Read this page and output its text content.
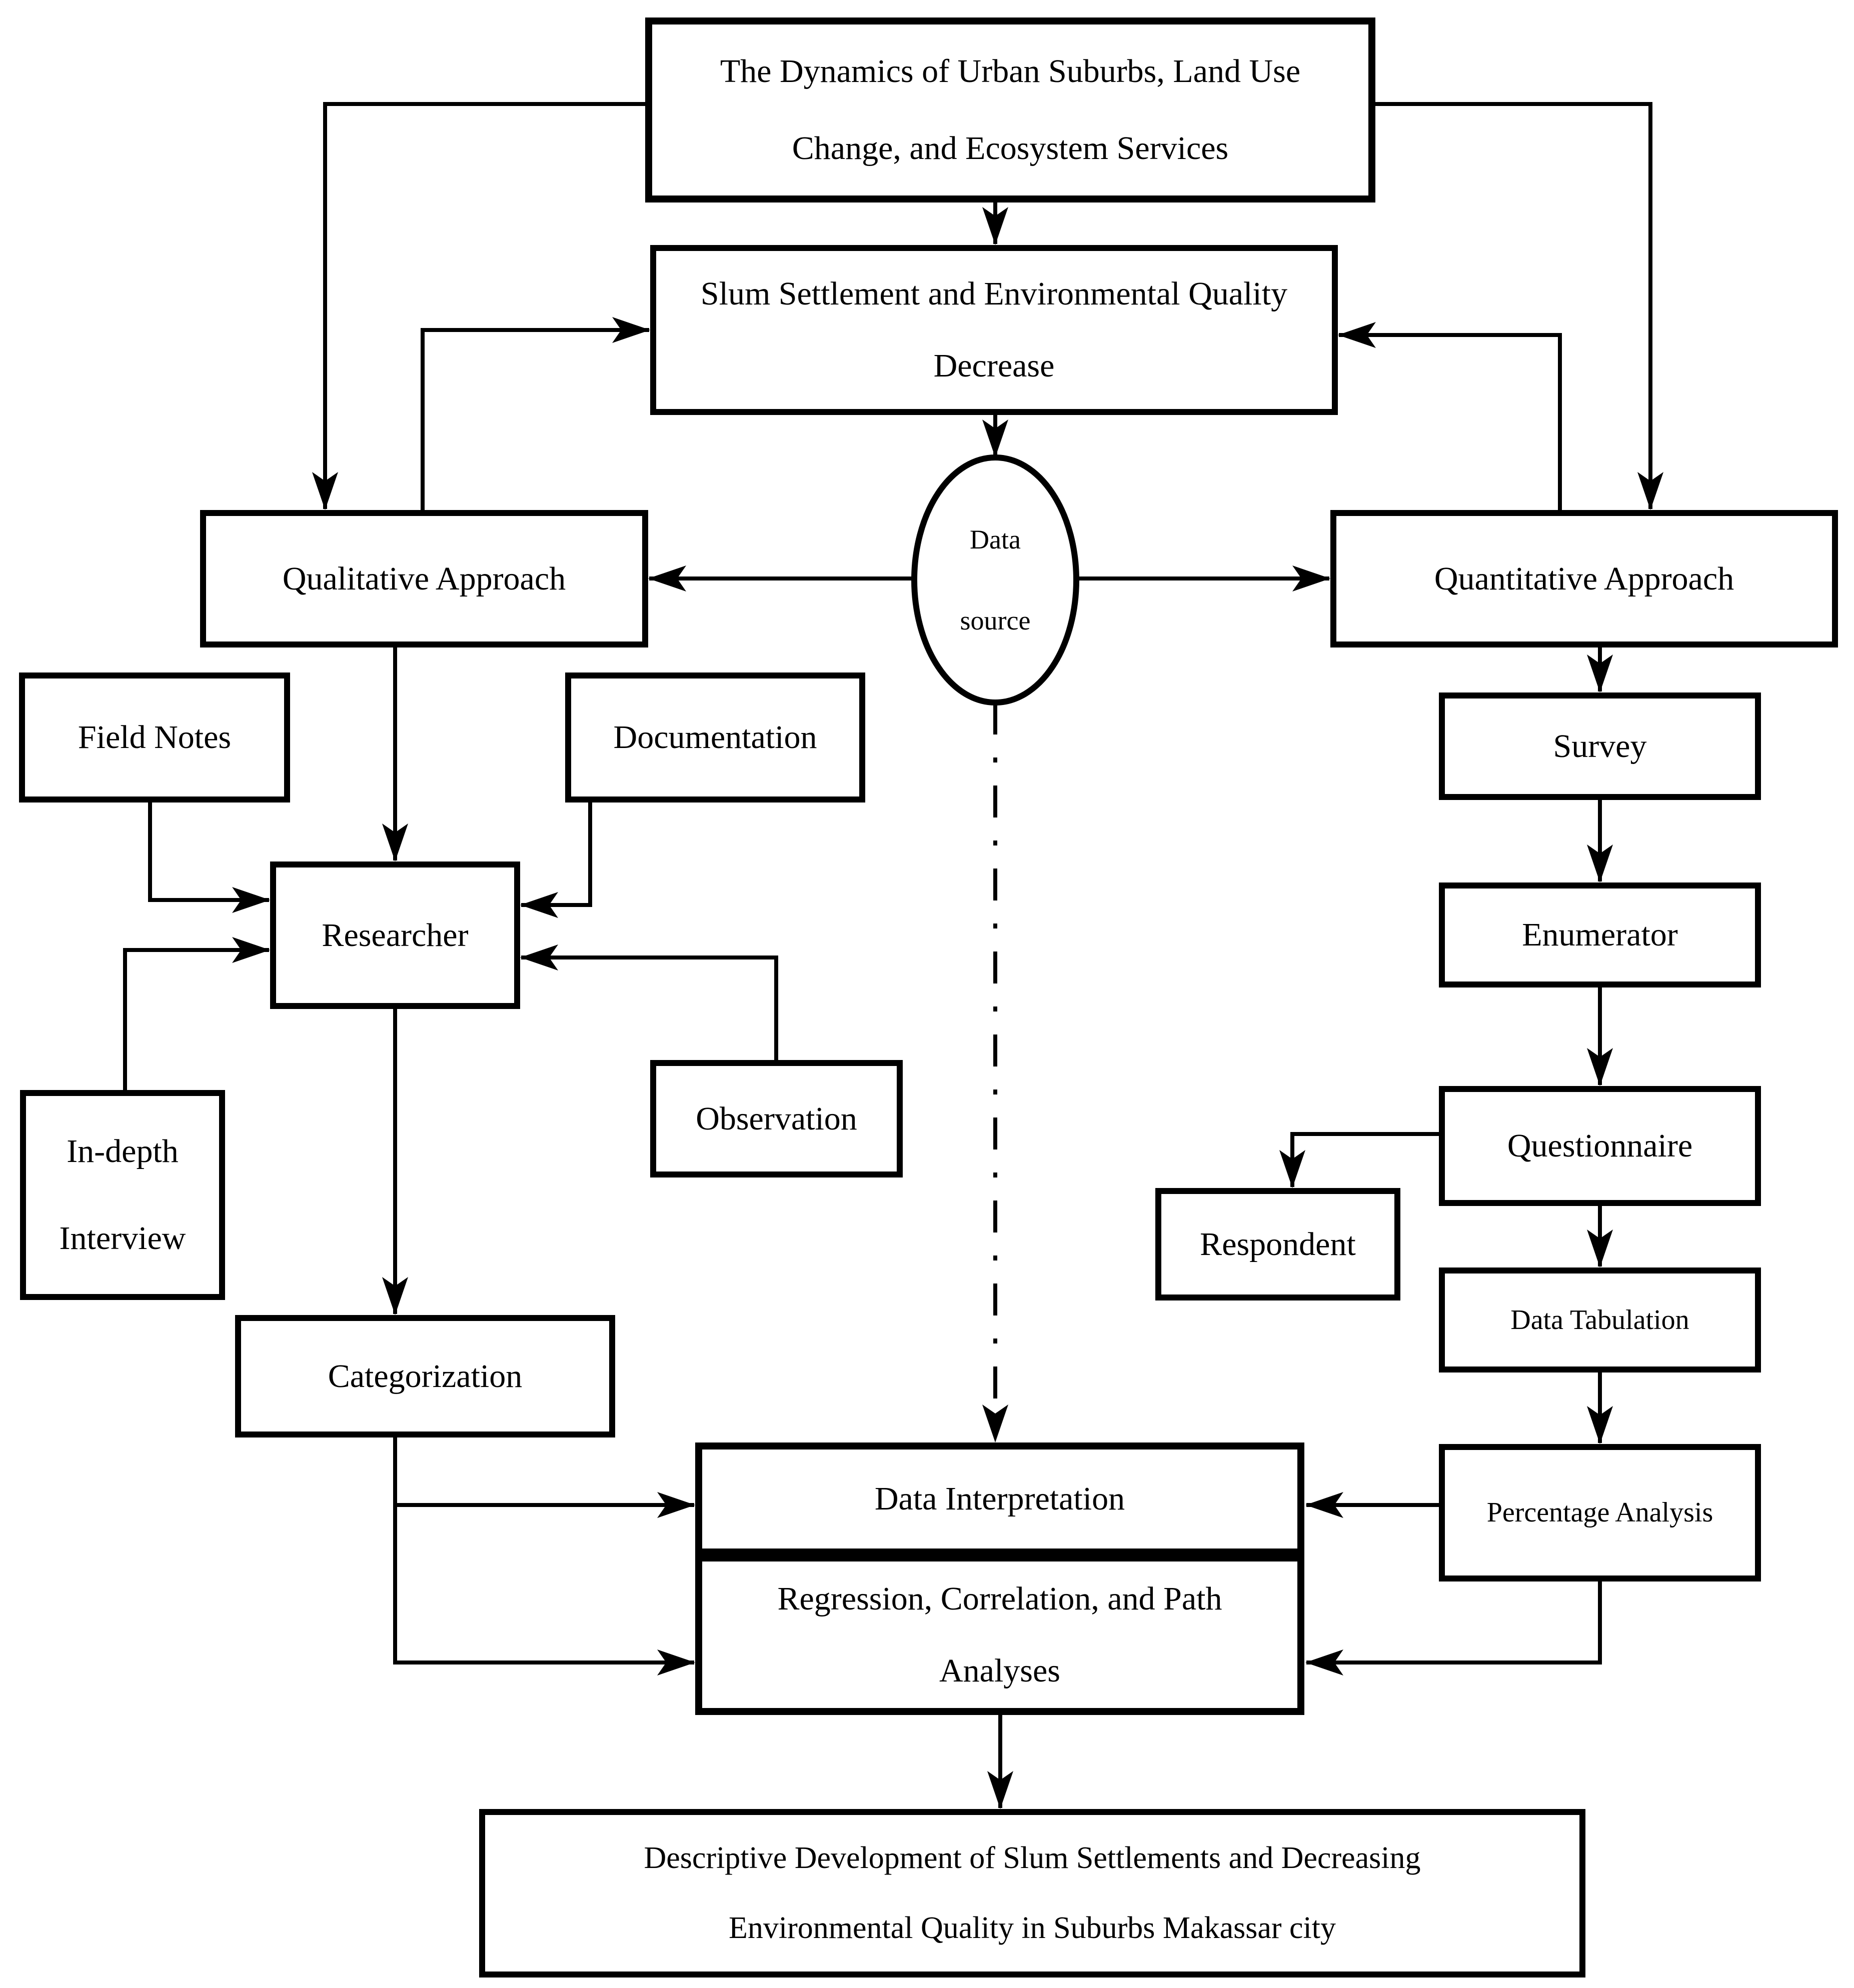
The Dynamics of Urban Suburbs, Land Use
Change, and Ecosystem Services
Slum Settlement and Environmental Quality
Decrease
Data
source
Qualitative Approach	Quantitative Approach
Field Notes	Documentation
Researcher
In-depth
Interview
Observation
Categorization
Survey
Enumerator
Questionnaire
Respondent
Data Tabulation
Percentage Analysis
Data Interpretation
Regression, Correlation, and Path
Analyses
Descriptive Development of Slum Settlements and Decreasing
Environmental Quality in Suburbs Makassar city
